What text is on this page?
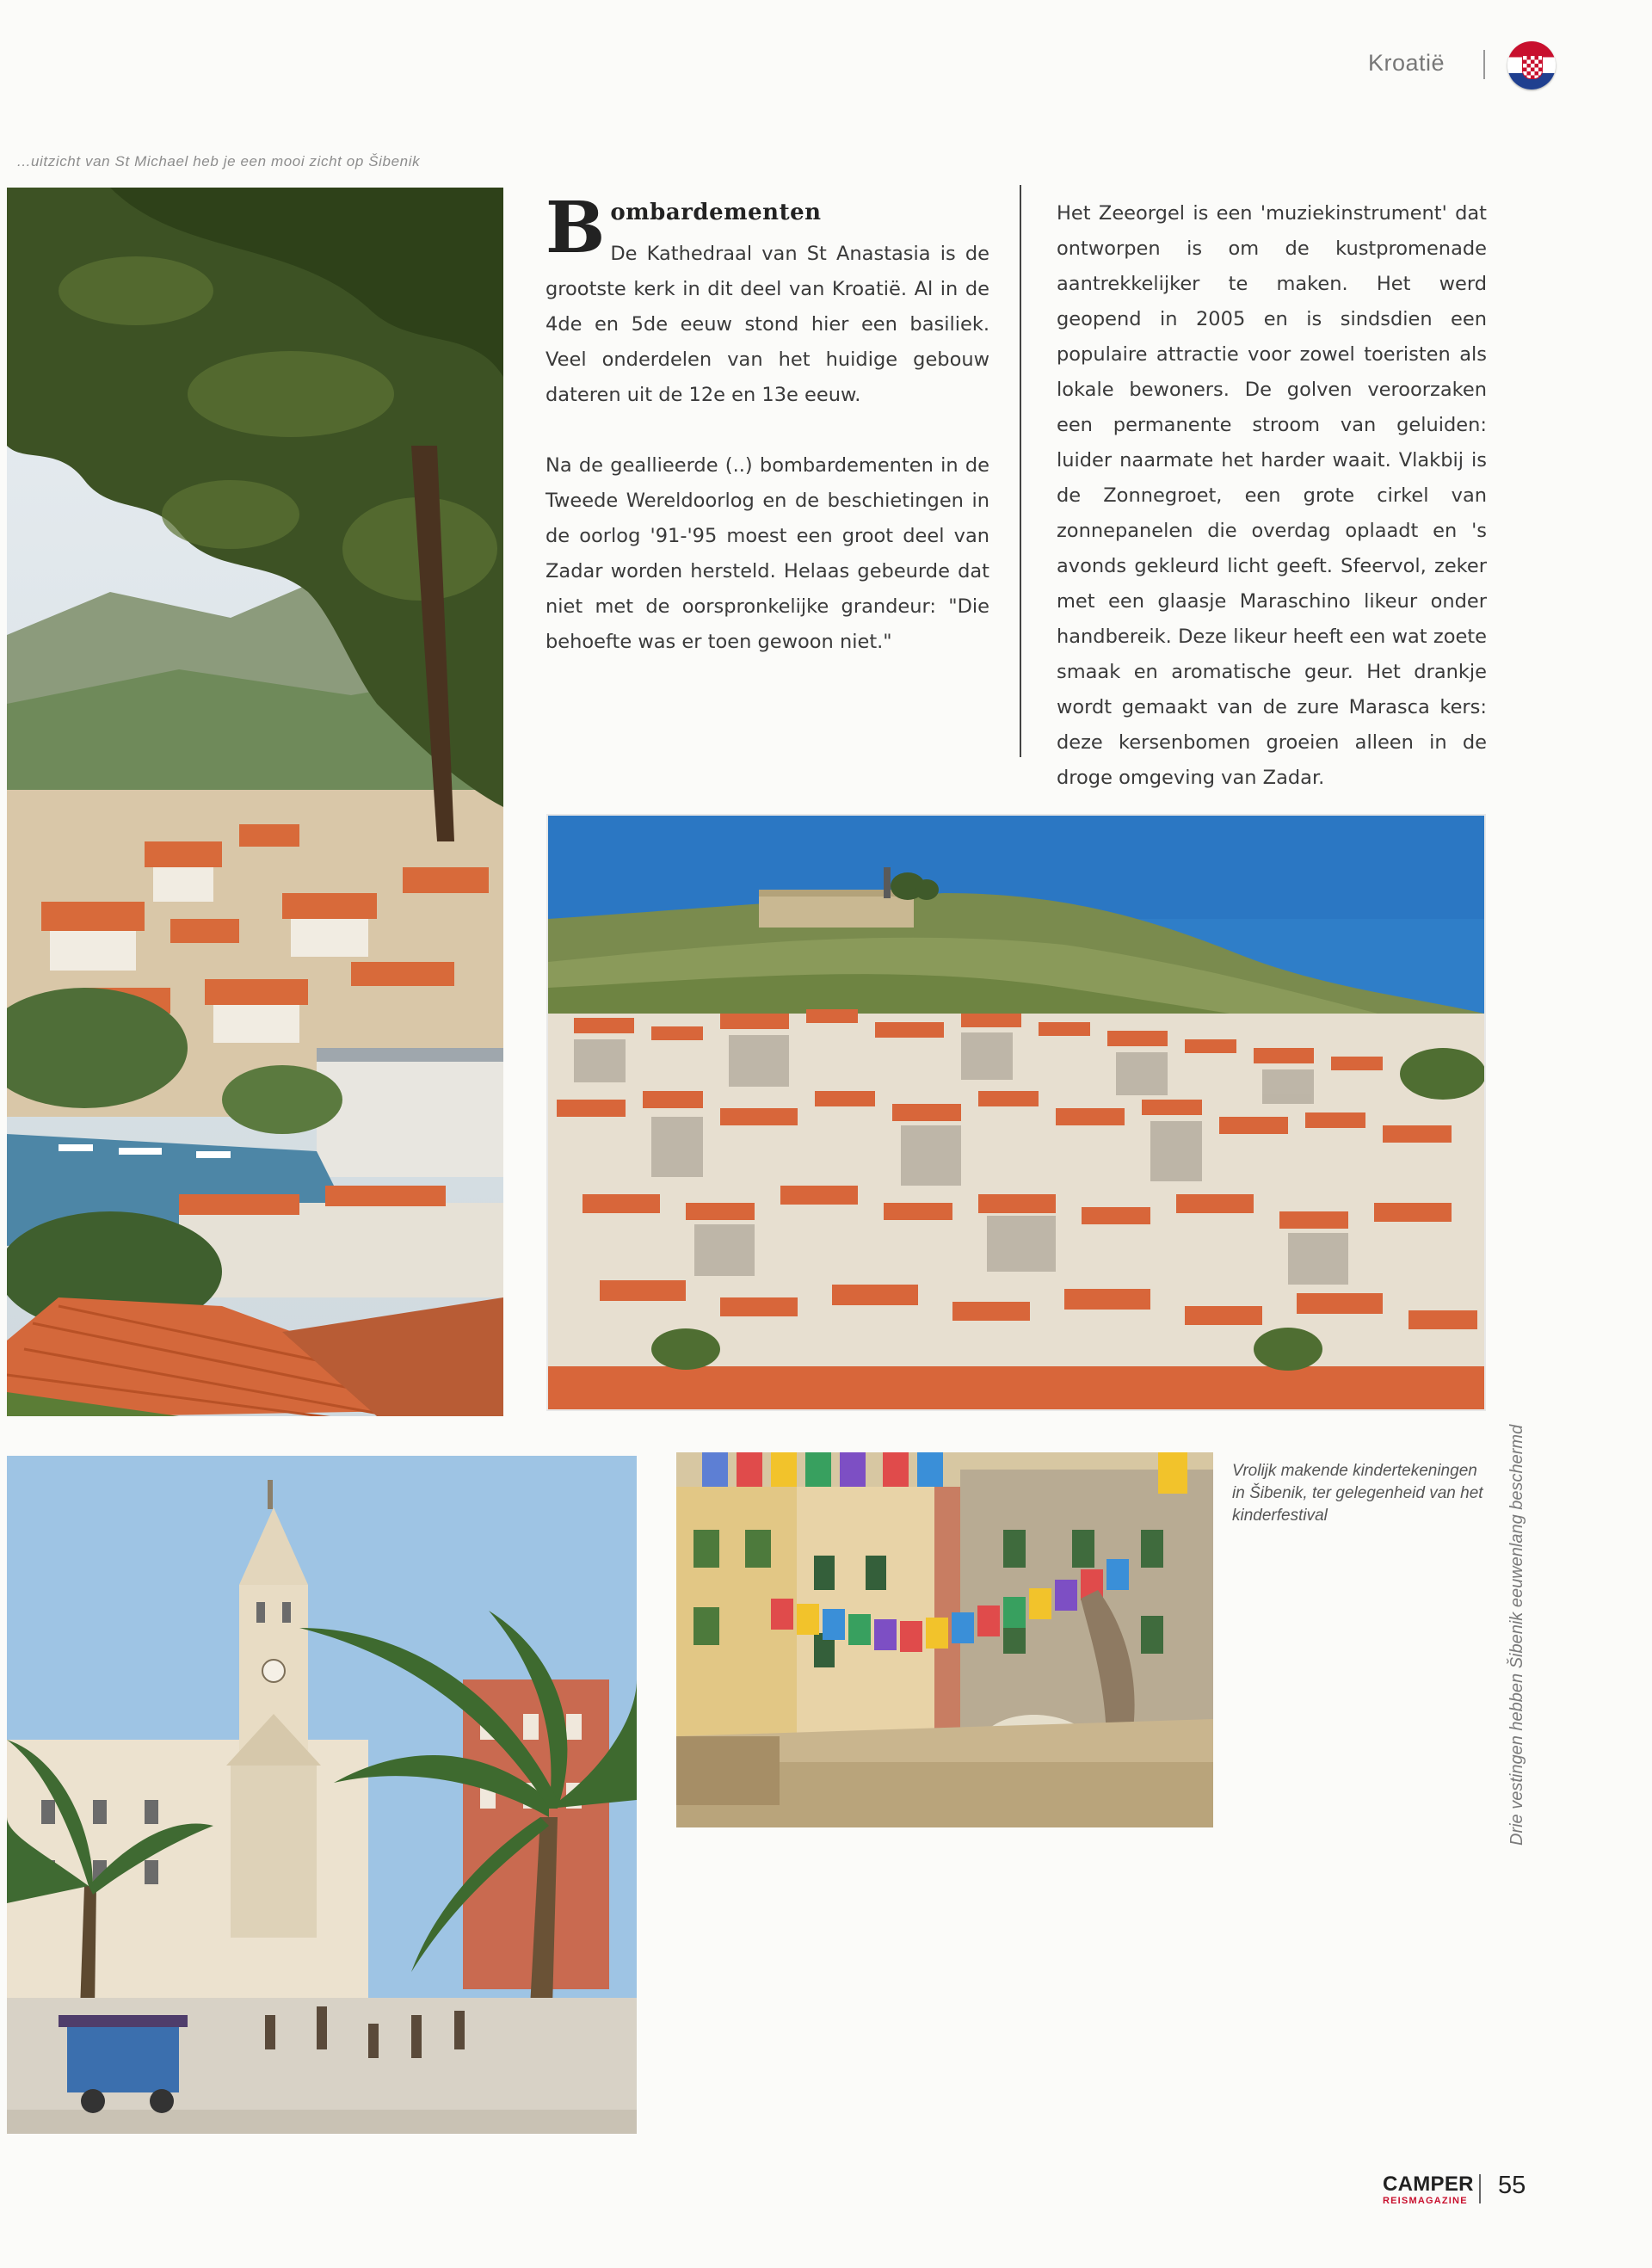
Kroatië
...uitzicht van St Michael heb je een mooi zicht op Šibenik
B ombardementen

De Kathedraal van St Anastasia is de grootste kerk in dit deel van Kroatië. Al in de 4de en 5de eeuw stond hier een basiliek. Veel onderdelen van het huidige gebouw dateren uit de 12e en 13e eeuw.

Na de geallieerde (..) bombardementen in de Tweede Wereldoorlog en de beschietingen in de oorlog '91-'95 moest een groot deel van Zadar worden hersteld. Helaas gebeurde dat niet met de oorspronkelijke grandeur: "Die behoefte was er toen gewoon niet."

Het Zeeorgel is een 'muziekinstrument' dat ontworpen is om de kustpromenade aantrekkelijker te maken. Het werd geopend in 2005 en is sindsdien een populaire attractie voor zowel toeristen als lokale bewoners. De golven veroorzaken een permanente stroom van geluiden: luider naarmate het harder waait. Vlakbij is de Zonnegroet, een grote cirkel van zonnepanelen die overdag oplaadt en 's avonds gekleurd licht geeft. Sfeervol, zeker met een glaasje Maraschino likeur onder handbereik. Deze likeur heeft een wat zoete smaak en aromatische geur. Het drankje wordt gemaakt van de zure Marasca kers: deze kersenbomen groeien alleen in de droge omgeving van Zadar.

Drie vestingen hebben Šibenik eeuwenlang beschermd
Vrolijk makende kindertekeningen in Šibenik, ter gelegenheid van het kinderfestival
CAMPER
REISMAGAZINE
55
